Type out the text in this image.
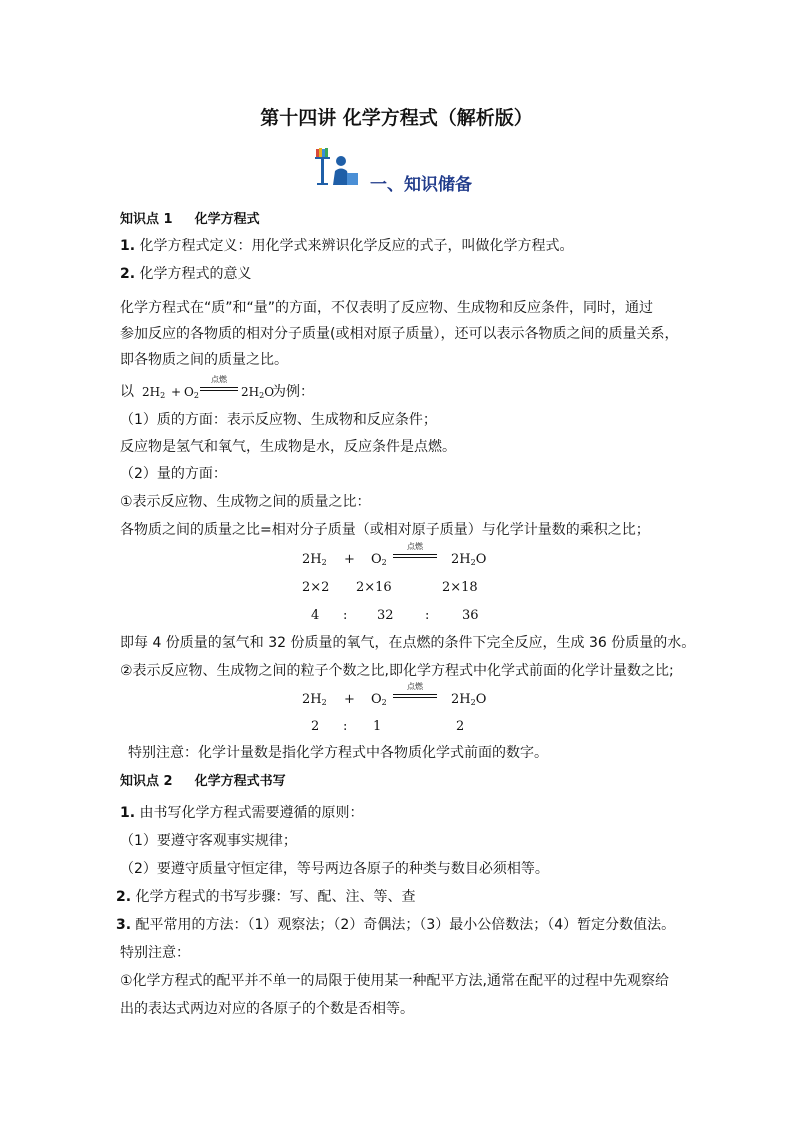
第十四讲 化学方程式（解析版）
一、知识储备
知识点 1 化学方程式
1. 化学方程式定义：用化学式来辨识化学反应的式子，叫做化学方程式。
2. 化学方程式的意义
化学方程式在“质”和“量”的方面，不仅表明了反应物、生成物和反应条件，同时，通过
参加反应的各物质的相对分子质量(或相对原子质量），还可以表示各物质之间的质量关系，
即各物质之间的质量之比。
以 $2H_2 + O_2$
点燃
$2H_2O$
为例：
（1）质的方面：表示反应物、生成物和反应条件；
反应物是氢气和氧气，生成物是水，反应条件是点燃。
（2）量的方面：
①表示反应物、生成物之间的质量之比：
各物质之间的质量之比=相对分子质量（或相对原子质量）与化学计量数的乘积之比；
$2H_2 + O_2$
点燃
$2H_2O$
2×2 2×16	2×18
4 : 32 :	36
即每 4 份质量的氢气和 32 份质量的氧气，在点燃的条件下完全反应，生成 36 份质量的水。
②表示反应物、生成物之间的粒子个数之比,即化学方程式中化学式前面的化学计量数之比;
$2H_2 + O_2$
点燃
$2H_2O$
2 : 1	2
特别注意：化学计量数是指化学方程式中各物质化学式前面的数字。
知识点 2 化学方程式书写
1. 由书写化学方程式需要遵循的原则：
（1）要遵守客观事实规律；
（2）要遵守质量守恒定律，等号两边各原子的种类与数目必须相等。
2. 化学方程式的书写步骤：写、配、注、等、查
3. 配平常用的方法：（1）观察法；（2）奇偶法；（3）最小公倍数法；（4）暂定分数值法。
特别注意：
①化学方程式的配平并不单一的局限于使用某一种配平方法,通常在配平的过程中先观察给
出的表达式两边对应的各原子的个数是否相等。
